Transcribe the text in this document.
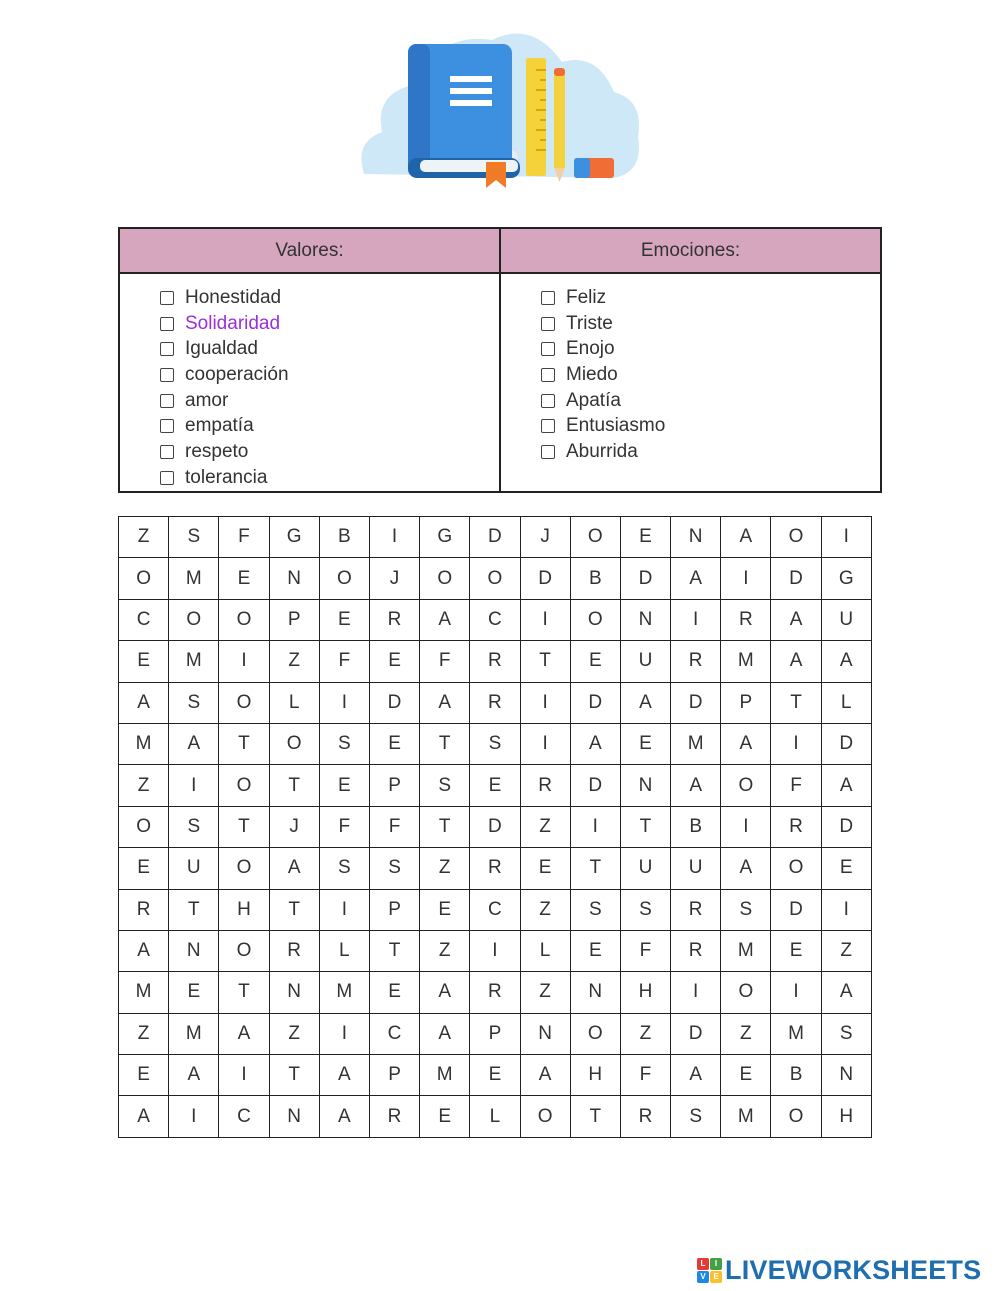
Valores:	Emociones:
Honestidad
Solidaridad
Igualdad
cooperación
amor
empatía
respeto
tolerancia
Feliz
Triste
Enojo
Miedo
Apatía
Entusiasmo
Aburrida
Z	S	F	G	B	I	G	D	J	O	E	N	A	O	I
O	M	E	N	O	J	O	O	D	B	D	A	I	D	G
C	O	O	P	E	R	A	C	I	O	N	I	R	A	U
E	M	I	Z	F	E	F	R	T	E	U	R	M	A	A
A	S	O	L	I	D	A	R	I	D	A	D	P	T	L
M	A	T	O	S	E	T	S	I	A	E	M	A	I	D
Z	I	O	T	E	P	S	E	R	D	N	A	O	F	A
O	S	T	J	F	F	T	D	Z	I	T	B	I	R	D
E	U	O	A	S	S	Z	R	E	T	U	U	A	O	E
R	T	H	T	I	P	E	C	Z	S	S	R	S	D	I
A	N	O	R	L	T	Z	I	L	E	F	R	M	E	Z
M	E	T	N	M	E	A	R	Z	N	H	I	O	I	A
Z	M	A	Z	I	C	A	P	N	O	Z	D	Z	M	S
E	A	I	T	A	P	M	E	A	H	F	A	E	B	N
A	I	C	N	A	R	E	L	O	T	R	S	M	O	H
L	I
V E LIVEWORKSHEETS
